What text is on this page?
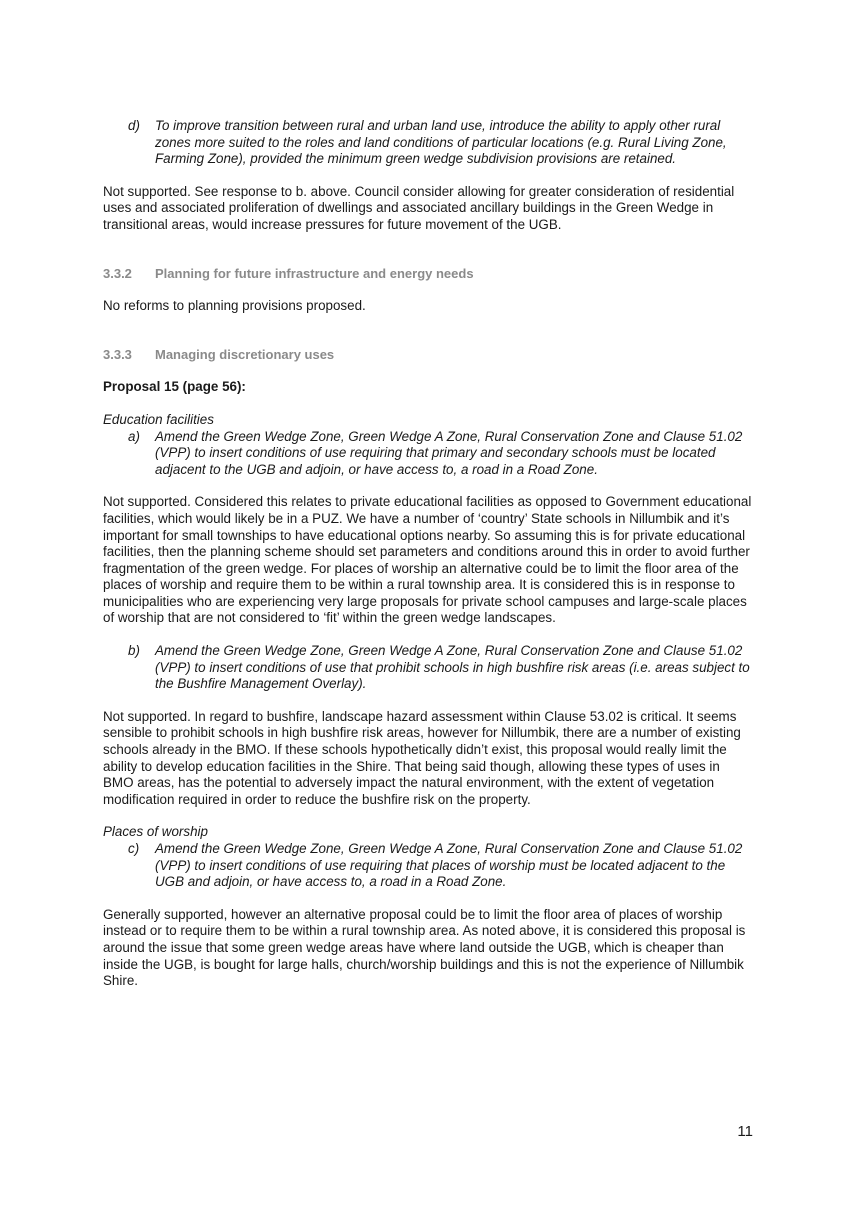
d)	To improve transition between rural and urban land use, introduce the ability to apply other rural zones more suited to the roles and land conditions of particular locations (e.g. Rural Living Zone, Farming Zone), provided the minimum green wedge subdivision provisions are retained.

Not supported. See response to b. above. Council consider allowing for greater consideration of residential uses and associated proliferation of dwellings and associated ancillary buildings in the Green Wedge in transitional areas, would increase pressures for future movement of the UGB.

3.3.2	Planning for future infrastructure and energy needs

No reforms to planning provisions proposed.

3.3.3	Managing discretionary uses

Proposal 15 (page 56):

Education facilities

a)	Amend the Green Wedge Zone, Green Wedge A Zone, Rural Conservation Zone and Clause 51.02 (VPP) to insert conditions of use requiring that primary and secondary schools must be located adjacent to the UGB and adjoin, or have access to, a road in a Road Zone.

Not supported. Considered this relates to private educational facilities as opposed to Government educational facilities, which would likely be in a PUZ. We have a number of ‘country’ State schools in Nillumbik and it’s important for small townships to have educational options nearby. So assuming this is for private educational facilities, then the planning scheme should set parameters and conditions around this in order to avoid further fragmentation of the green wedge. For places of worship an alternative could be to limit the floor area of the places of worship and require them to be within a rural township area. It is considered this is in response to municipalities who are experiencing very large proposals for private school campuses and large-scale places of worship that are not considered to ‘fit’ within the green wedge landscapes.

b)	Amend the Green Wedge Zone, Green Wedge A Zone, Rural Conservation Zone and Clause 51.02 (VPP) to insert conditions of use that prohibit schools in high bushfire risk areas (i.e. areas subject to the Bushfire Management Overlay).

Not supported. In regard to bushfire, landscape hazard assessment within Clause 53.02 is critical. It seems sensible to prohibit schools in high bushfire risk areas, however for Nillumbik, there are a number of existing schools already in the BMO. If these schools hypothetically didn’t exist, this proposal would really limit the ability to develop education facilities in the Shire. That being said though, allowing these types of uses in BMO areas, has the potential to adversely impact the natural environment, with the extent of vegetation modification required in order to reduce the bushfire risk on the property.

Places of worship

c)	Amend the Green Wedge Zone, Green Wedge A Zone, Rural Conservation Zone and Clause 51.02 (VPP) to insert conditions of use requiring that places of worship must be located adjacent to the UGB and adjoin, or have access to, a road in a Road Zone.

Generally supported, however an alternative proposal could be to limit the floor area of places of worship instead or to require them to be within a rural township area. As noted above, it is considered this proposal is around the issue that some green wedge areas have where land outside the UGB, which is cheaper than inside the UGB, is bought for large halls, church/worship buildings and this is not the experience of Nillumbik Shire.

11
